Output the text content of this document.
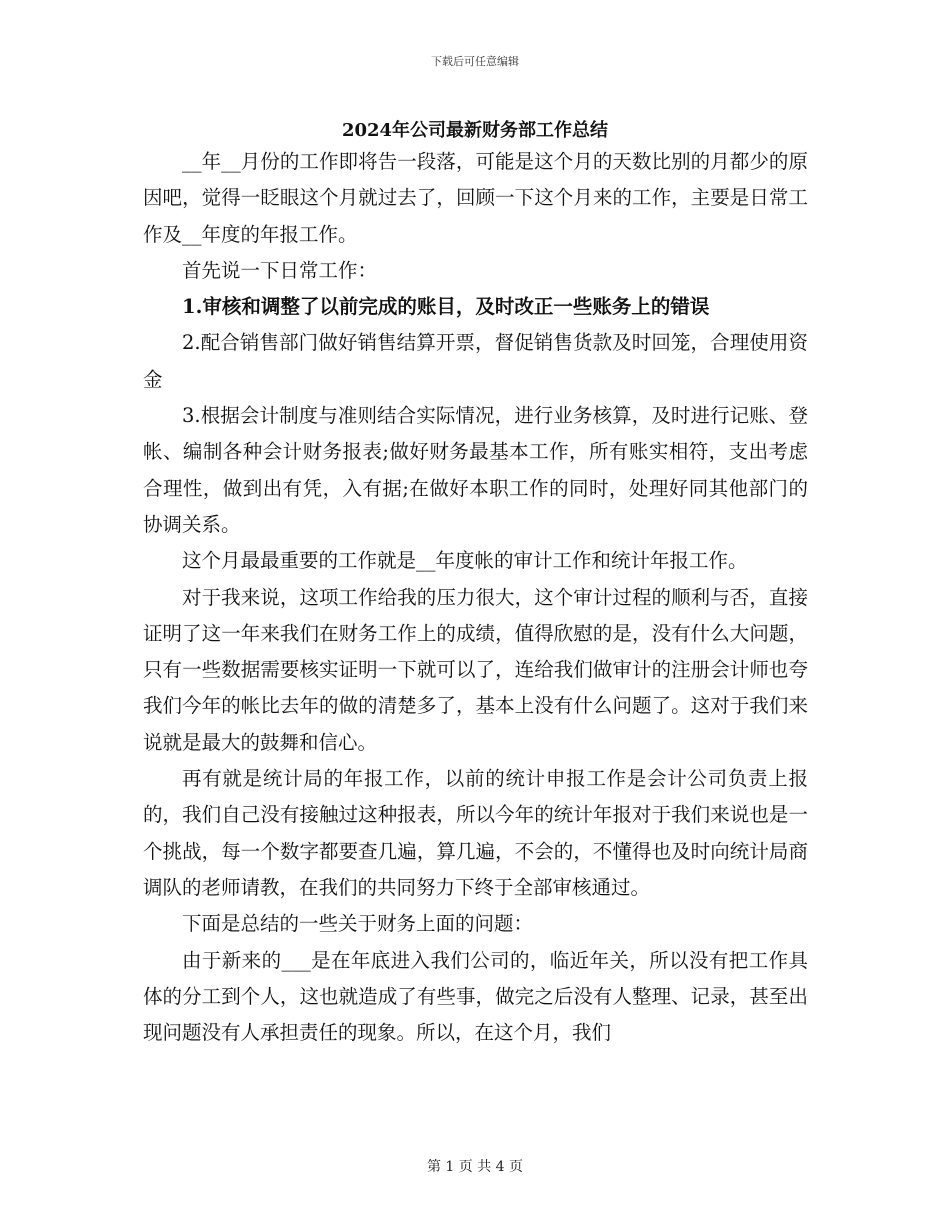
下载后可任意编辑
2024年公司最新财务部工作总结

__年__月份的工作即将告一段落，可能是这个月的天数比别的月都少的原因吧，觉得一眨眼这个月就过去了，回顾一下这个月来的工作，主要是日常工作及__年度的年报工作。

首先说一下日常工作：

1.审核和调整了以前完成的账目，及时改正一些账务上的错误

2.配合销售部门做好销售结算开票，督促销售货款及时回笼，合理使用资金

3.根据会计制度与准则结合实际情况，进行业务核算，及时进行记账、登帐、编制各种会计财务报表;做好财务最基本工作，所有账实相符，支出考虑合理性，做到出有凭，入有据;在做好本职工作的同时，处理好同其他部门的协调关系。

这个月最最重要的工作就是__年度帐的审计工作和统计年报工作。

对于我来说，这项工作给我的压力很大，这个审计过程的顺利与否，直接证明了这一年来我们在财务工作上的成绩，值得欣慰的是，没有什么大问题，只有一些数据需要核实证明一下就可以了，连给我们做审计的注册会计师也夸我们今年的帐比去年的做的清楚多了，基本上没有什么问题了。这对于我们来说就是最大的鼓舞和信心。

再有就是统计局的年报工作，以前的统计申报工作是会计公司负责上报的，我们自己没有接触过这种报表，所以今年的统计年报对于我们来说也是一个挑战，每一个数字都要查几遍，算几遍，不会的，不懂得也及时向统计局商调队的老师请教，在我们的共同努力下终于全部审核通过。

下面是总结的一些关于财务上面的问题：

由于新来的___是在年底进入我们公司的，临近年关，所以没有把工作具体的分工到个人，这也就造成了有些事，做完之后没有人整理、记录，甚至出现问题没有人承担责任的现象。所以，在这个月，我们

第 1 页 共 4 页
